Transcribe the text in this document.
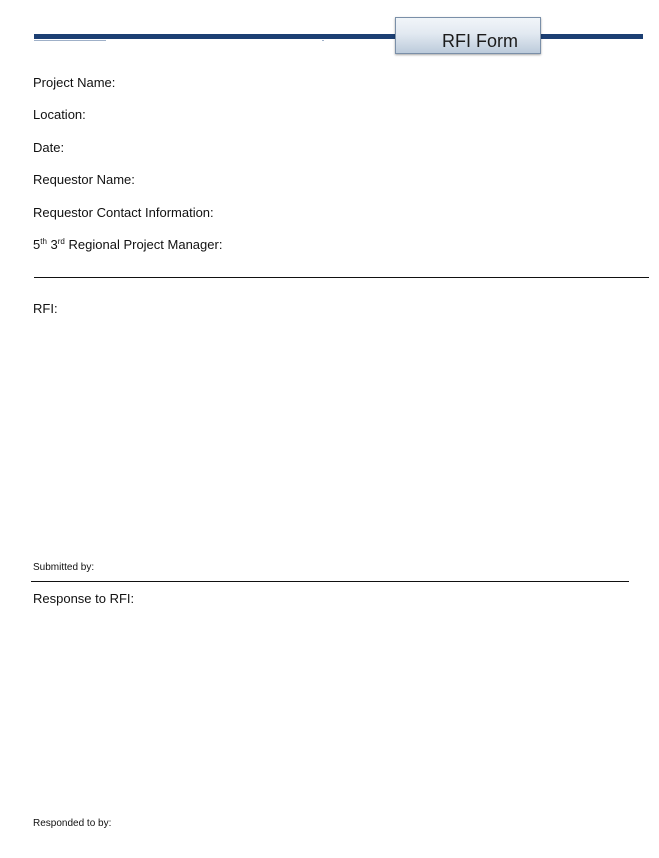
RFI Form
Project Name:
Location:
Date:
Requestor Name:
Requestor Contact Information:
5th 3rd Regional Project Manager:
RFI:
Submitted by:
Response to RFI:
Responded to by:
